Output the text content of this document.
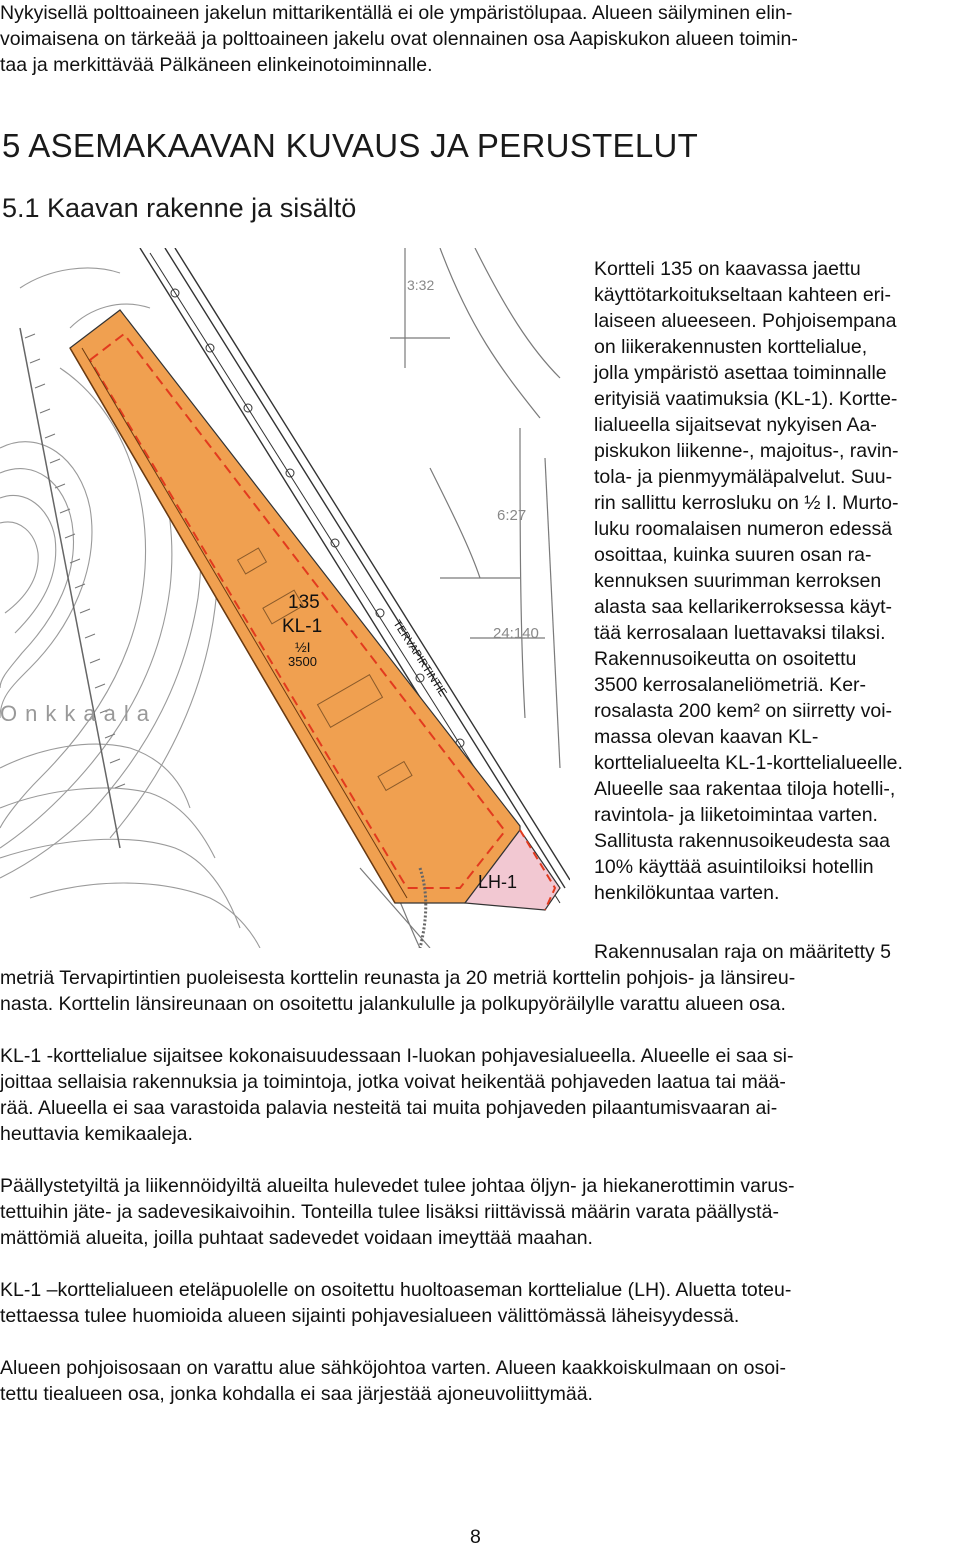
Nykyisellä polttoaineen jakelun mittarikentällä ei ole ympäristölupaa. Alueen säilyminen elin-
voimaisena on tärkeää ja polttoaineen jakelu ovat olennainen osa Aapiskukon alueen toimin-
taa ja merkittävää Pälkäneen elinkeinotoiminnalle.
5 ASEMAKAAVAN KUVAUS JA PERUSTELUT
5.1 Kaavan rakenne ja sisältö
3:32
6:27
24:140
135
KL-1
½I
3500
LH-1
TERVAPIRTINTIE
Onkkaala
Kortteli 135 on kaavassa jaettu
käyttötarkoitukseltaan kahteen eri-
laiseen alueeseen. Pohjoisempana
on liikerakennusten korttelialue,
jolla ympäristö asettaa toiminnalle
erityisiä vaatimuksia (KL-1). Kortte-
lialueella sijaitsevat nykyisen Aa-
piskukon liikenne-, majoitus-, ravin-
tola- ja pienmyymäläpalvelut. Suu-
rin sallittu kerrosluku on ½ I. Murto-
luku roomalaisen numeron edessä
osoittaa, kuinka suuren osan ra-
kennuksen suurimman kerroksen
alasta saa kellarikerroksessa käyt-
tää kerrosalaan luettavaksi tilaksi.
Rakennusoikeutta on osoitettu
3500 kerrosalaneliömetriä. Ker-
rosalasta 200 kem² on siirretty voi-
massa olevan kaavan KL-
korttelialueelta KL-1-korttelialueelle.
Alueelle saa rakentaa tiloja hotelli-,
ravintola- ja liiketoimintaa varten.
Sallitusta rakennusoikeudesta saa
10% käyttää asuintiloiksi hotellin
henkilökuntaa varten.
Rakennusalan raja on määritetty 5
metriä Tervapirtintien puoleisesta korttelin reunasta ja 20 metriä korttelin pohjois- ja länsireu-
nasta. Korttelin länsireunaan on osoitettu jalankululle ja polkupyöräilylle varattu alueen osa.
KL-1 -korttelialue sijaitsee kokonaisuudessaan I-luokan pohjavesialueella. Alueelle ei saa si-
joittaa sellaisia rakennuksia ja toimintoja, jotka voivat heikentää pohjaveden laatua tai mää-
rää. Alueella ei saa varastoida palavia nesteitä tai muita pohjaveden pilaantumisvaaran ai-
heuttavia kemikaaleja.
Päällystetyiltä ja liikennöidyiltä alueilta hulevedet tulee johtaa öljyn- ja hiekanerottimin varus-
tettuihin jäte- ja sadevesikaivoihin. Tonteilla tulee lisäksi riittävissä määrin varata päällystä-
mättömiä alueita, joilla puhtaat sadevedet voidaan imeyttää maahan.
KL-1 –korttelialueen eteläpuolelle on osoitettu huoltoaseman korttelialue (LH). Aluetta toteu-
tettaessa tulee huomioida alueen sijainti pohjavesialueen välittömässä läheisyydessä.
Alueen pohjoisosaan on varattu alue sähköjohtoa varten. Alueen kaakkoiskulmaan on osoi-
tettu tiealueen osa, jonka kohdalla ei saa järjestää ajoneuvoliittymää.
8
